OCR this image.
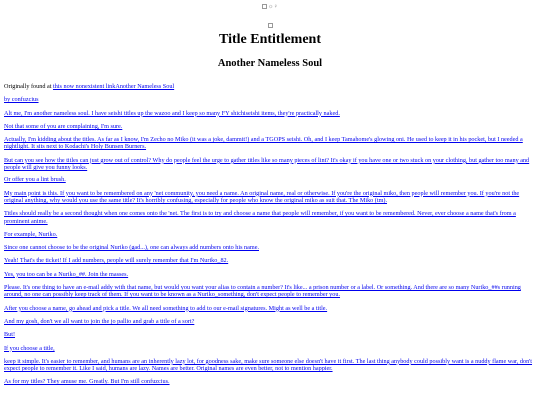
☼♀
Title Entitlement
Another Nameless Soul

Originally found at this now nonexistent linkAnother Nameless Soul

by confuzcius

Alt me, I'm another nameless soul. I have seishi titles up the wazoo and I keep so many FY shichiseishi items, they're practically naked.

Not that some of you are complaining, I'm sure.

Actually, I'm kidding about the titles. As far as I know, I'm Zecho no Miko (it was a joke, dammit!) and a TGOPS seishi. Oh, and I keep Tamahome's glowing oni. He used to keep it in his pocket, but I needed a nightlight. It sits next to Kodachi's Holy Bunsen Burners.

But can you see how the titles can just grow out of control? Why do people feel the urge to gather titles like so many pieces of lint? It's okay if you have one or two stuck on your clothing, but gather too many and people will give you funny looks.

Or offer you a lint brush.

My main point is this. If you want to be remembered on any 'net community, you need a name. An original name, real or otherwise. If you're the original miko, then people will remember you. If you're not the original anything, why would you use the same title? It's horribly confusing, especially for people who know the original miko as suit that. The Miko (tm).

Titles should really be a second thought when one comes onto the 'net. The first is to try and choose a name that people will remember, if you want to be remembered. Never, ever choose a name that's from a prominent anime.

For example, Nuriko.

Since one cannot choose to be the original Nuriko (gad...), one can always add numbers onto his name.

Yeah! That's the ticket! If I add numbers, people will surely remember that I'm Nuriko_82.

Yes, you too can be a Nuriko_##. Join the masses.

Please. It's one thing to have an e-mail addy with that name, but would you want your alias to contain a number? It's like... a prison number or a label. Or something. And there are so many Nuriko_##s running around, no one can possibly keep track of them. If you want to be known as a Nuriko_something, don't expect people to remember you.

After you choose a name, go ahead and pick a title. We all need something to add to our e-mail signatures. Might as well be a title.

And my gosh, don't we all want to join the jo pallio and grab a title of a sort?

But!

If you choose a title,

keep it simple. It's easier to remember, and humans are an inherently lazy lot, for goodness sake, make sure someone else doesn't have it first. The last thing anybody could possibly want is a nuddy flame war, don't expect people to remember it. Like I said, humans are lazy. Names are better. Original names are even better, not to mention happier.

As for my titles? They amuse me. Greatly. But I'm still confuzcius.
